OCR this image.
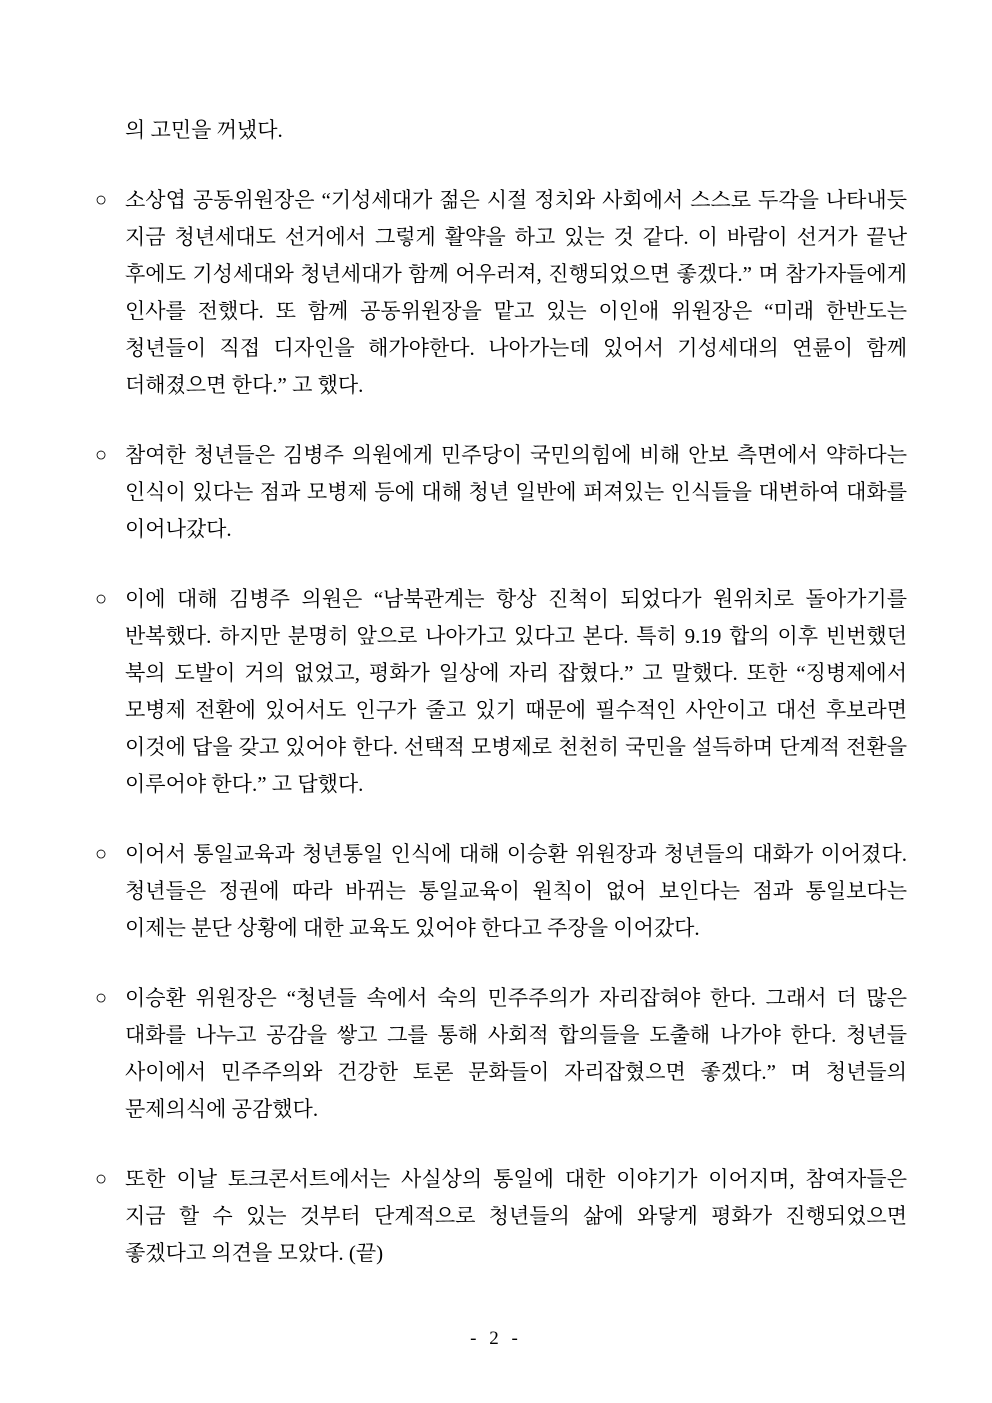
의 고민을 꺼냈다.

○ 소상엽 공동위원장은 “기성세대가 젊은 시절 정치와 사회에서 스스로 두각을 나타내듯 지금 청년세대도 선거에서 그렇게 활약을 하고 있는 것 같다. 이 바람이 선거가 끝난 후에도 기성세대와 청년세대가 함께 어우러져, 진행되었으면 좋겠다.” 며 참가자들에게 인사를 전했다. 또 함께 공동위원장을 맡고 있는 이인애 위원장은 “미래 한반도는 청년들이 직접 디자인을 해가야한다. 나아가는데 있어서 기성세대의 연륜이 함께 더해졌으면 한다.” 고 했다.

○ 참여한 청년들은 김병주 의원에게 민주당이 국민의힘에 비해 안보 측면에서 약하다는 인식이 있다는 점과 모병제 등에 대해 청년 일반에 퍼져있는 인식들을 대변하여 대화를 이어나갔다.

○ 이에 대해 김병주 의원은 “남북관계는 항상 진척이 되었다가 원위치로 돌아가기를 반복했다. 하지만 분명히 앞으로 나아가고 있다고 본다. 특히 9.19 합의 이후 빈번했던 북의 도발이 거의 없었고, 평화가 일상에 자리 잡혔다.” 고 말했다. 또한 “징병제에서 모병제 전환에 있어서도 인구가 줄고 있기 때문에 필수적인 사안이고 대선 후보라면 이것에 답을 갖고 있어야 한다. 선택적 모병제로 천천히 국민을 설득하며 단계적 전환을 이루어야 한다.” 고 답했다.

○ 이어서 통일교육과 청년통일 인식에 대해 이승환 위원장과 청년들의 대화가 이어졌다. 청년들은 정권에 따라 바뀌는 통일교육이 원칙이 없어 보인다는 점과 통일보다는 이제는 분단 상황에 대한 교육도 있어야 한다고 주장을 이어갔다.

○ 이승환 위원장은 “청년들 속에서 숙의 민주주의가 자리잡혀야 한다. 그래서 더 많은 대화를 나누고 공감을 쌓고 그를 통해 사회적 합의들을 도출해 나가야 한다. 청년들 사이에서 민주주의와 건강한 토론 문화들이 자리잡혔으면 좋겠다.” 며 청년들의 문제의식에 공감했다.

○ 또한 이날 토크콘서트에서는 사실상의 통일에 대한 이야기가 이어지며, 참여자들은 지금 할 수 있는 것부터 단계적으로 청년들의 삶에 와닿게 평화가 진행되었으면 좋겠다고 의견을 모았다. (끝)

- 2 -
